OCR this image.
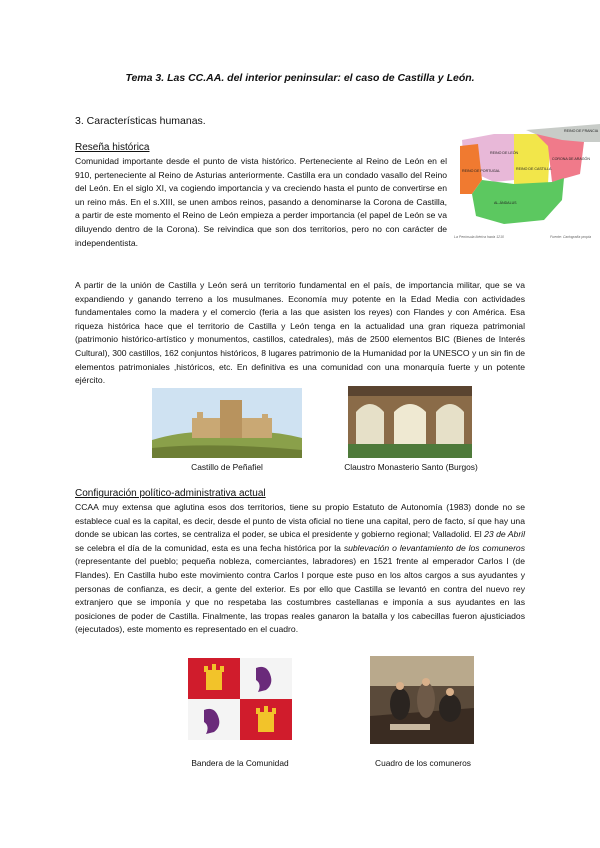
Tema 3. Las CC.AA. del interior peninsular: el caso de Castilla y León.
3. Características humanas.
Reseña histórica
Comunidad importante desde el punto de vista histórico. Perteneciente al Reino de León en el 910, perteneciente al Reino de Asturias anteriormente. Castilla era un condado vasallo del Reino del León. En el siglo XI, va cogiendo importancia y va creciendo hasta el punto de convertirse en un reino más. En el s.XIII, se unen ambos reinos, pasando a denominarse la Corona de Castilla, a partir de este momento el Reino de León empieza a perder importancia (el papel de León se va diluyendo dentro de la Corona). Se reivindica que son dos territorios, pero no con carácter de independentista.
REINO DE FRANCIA
REINO DE LEÓN
REINO DE CASTILLA
CORONA DE ARAGÓN
REINO DE PORTUGAL
AL-ÁNDALUS
La Península Ibérica hacia 1210	Fuente: Cartografía propia
A partir de la unión de Castilla y León será un territorio fundamental en el país, de importancia militar, que se va expandiendo y ganando terreno a los musulmanes. Economía muy potente en la Edad Media con actividades fundamentales como la madera y el comercio (feria a las que asisten los reyes) con Flandes y con América. Esa riqueza histórica hace que el territorio de Castilla y León tenga en la actualidad una gran riqueza patrimonial (patrimonio histórico-artístico y monumentos, castillos, catedrales), más de 2500 elementos BIC (Bienes de Interés Cultural), 300 castillos, 162 conjuntos históricos, 8 lugares patrimonio de la Humanidad por la UNESCO y un sin fin de elementos patrimoniales ,históricos, etc. En definitiva es una comunidad con una monarquía fuerte y un potente ejército.
Castillo de Peñafiel	Claustro Monasterio Santo (Burgos)
Configuración político-administrativa actual
CCAA muy extensa que aglutina esos dos territorios, tiene su propio Estatuto de Autonomía (1983) donde no se establece cual es la capital, es decir, desde el punto de vista oficial no tiene una capital, pero de facto, sí que hay una donde se ubican las cortes, se centraliza el poder, se ubica el presidente y gobierno regional; Valladolid. El 23 de Abril se celebra el día de la comunidad, esta es una fecha histórica por la sublevación o levantamiento de los comuneros (representante del pueblo; pequeña nobleza, comerciantes, labradores) en 1521 frente al emperador Carlos I (de Flandes). En Castilla hubo este movimiento contra Carlos I porque este puso en los altos cargos a sus ayudantes y personas de confianza, es decir, a gente del exterior. Es por ello que Castilla se levantó en contra del nuevo rey extranjero que se imponía y que no respetaba las costumbres castellanas e imponía a sus ayudantes en las posiciones de poder de Castilla. Finalmente, las tropas reales ganaron la batalla y los cabecillas fueron ajusticiados (ejecutados), este momento es representado en el cuadro.
Bandera de la Comunidad	Cuadro de los comuneros
